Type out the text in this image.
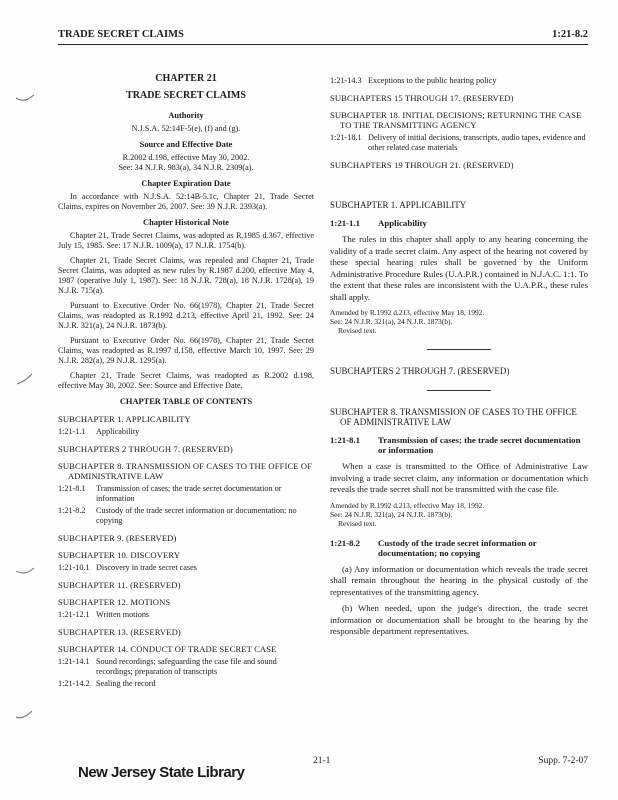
TRADE SECRET CLAIMS	1:21-8.2
CHAPTER 21
TRADE SECRET CLAIMS
Authority

N.J.S.A. 52:14F-5(e), (f) and (g).

Source and Effective Date
R.2002 d.198, effective May 30, 2002.

See: 34 N.J.R. 983(a), 34 N.J.R. 2309(a).

Chapter Expiration Date

In accordance with N.J.S.A. 52:14B-5.1c, Chapter 21, Trade Secret Claims, expires on November 26, 2007. See: 39 N.J.R. 2393(a).

Chapter Historical Note

Chapter 21, Trade Secret Claims, was adopted as R.1985 d.367, effective July 15, 1985. See: 17 N.J.R. 1009(a), 17 N.J.R. 1754(b).

Chapter 21, Trade Secret Claims, was repealed and Chapter 21, Trade Secret Claims, was adopted as new rules by R.1987 d.200, effective May 4, 1987 (operative July 1, 1987). See: 18 N.J.R. 728(a), 18 N.J.R. 1728(a), 19 N.J.R. 715(a).

Pursuant to Executive Order No. 66(1978), Chapter 21, Trade Secret Claims, was readopted as R.1992 d.213, effective April 21, 1992. See: 24 N.J.R. 321(a), 24 N.J.R. 1873(b).

Pursuant to Executive Order No. 66(1978), Chapter 21, Trade Secret Claims, was readopted as R.1997 d.158, effective March 10, 1997. See: 29 N.J.R. 282(a), 29 N.J.R. 1295(a).

Chapter 21, Trade Secret Claims, was readopted as R.2002 d.198, effective May 30, 2002. See: Source and Effective Date.

CHAPTER TABLE OF CONTENTS
SUBCHAPTER 1. APPLICABILITY
1:21-1.1	Applicability
SUBCHAPTERS 2 THROUGH 7. (RESERVED)
SUBCHAPTER 8. TRANSMISSION OF CASES TO THE OFFICE OF ADMINISTRATIVE LAW
1:21-8.1	Transmission of cases; the trade secret documentation or information
1:21-8.2	Custody of the trade secret information or documentation; no copying
SUBCHAPTER 9. (RESERVED)
SUBCHAPTER 10. DISCOVERY
1:21-10.1 Discovery in trade secret cases
SUBCHAPTER 11. (RESERVED)
SUBCHAPTER 12. MOTIONS
1:21-12.1 Written motions
SUBCHAPTER 13. (RESERVED)
SUBCHAPTER 14. CONDUCT OF TRADE SECRET CASE
1:21-14.1 Sound recordings; safeguarding the case file and sound recordings; preparation of transcripts
1:21-14.2 Sealing the record
1:21-14.3 Exceptions to the public hearing policy
SUBCHAPTERS 15 THROUGH 17. (RESERVED)
SUBCHAPTER 18. INITIAL DECISIONS; RETURNING THE CASE TO THE TRANSMITTING AGENCY
1:21-18.1 Delivery of initial decisions, transcripts, audio tapes, evidence and other related case materials
SUBCHAPTERS 19 THROUGH 21. (RESERVED)
SUBCHAPTER 1. APPLICABILITY
1:21-1.1	Applicability

The rules in this chapter shall apply to any hearing concerning the validity of a trade secret claim. Any aspect of the hearing not covered by these special hearing rules shall be governed by the Uniform Administrative Procedure Rules (U.A.P.R.) contained in N.J.A.C. 1:1. To the extent that these rules are inconsistent with the U.A.P.R., these rules shall apply.

Amended by R.1992 d.213, effective May 18, 1992.
See: 24 N.J.R. 321(a), 24 N.J.R. 1873(b).
Revised text.
SUBCHAPTERS 2 THROUGH 7. (RESERVED)
SUBCHAPTER 8. TRANSMISSION OF CASES TO THE OFFICE OF ADMINISTRATIVE LAW
1:21-8.1	Transmission of cases; the trade secret documentation or information

When a case is transmitted to the Office of Administrative Law involving a trade secret claim, any information or documentation which reveals the trade secret shall not be transmitted with the case file.

Amended by R.1992 d.213, effective May 18, 1992.
See: 24 N.J.R. 321(a), 24 N.J.R. 1873(b).
Revised text.
1:21-8.2	Custody of the trade secret information or documentation; no copying

(a) Any information or documentation which reveals the trade secret shall remain throughout the hearing in the physical custody of the representatives of the transmitting agency.

(b) When needed, upon the judge's direction, the trade secret information or documentation shall be brought to the hearing by the responsible department representatives.

New Jersey State Library
21-1	Supp. 7-2-07
